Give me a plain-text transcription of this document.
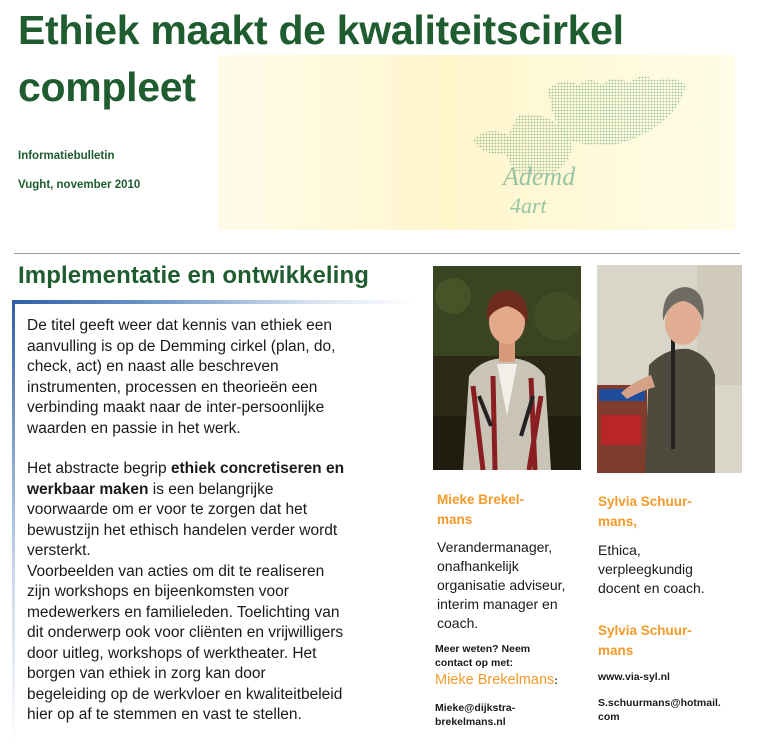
Ethiek maakt de kwaliteitscirkel
compleet
Ademd
4art
Informatiebulletin
Vught, november 2010
Implementatie en ontwikkeling

De titel geeft weer dat kennis van ethiek een aanvulling is op de Demming cirkel (plan, do, check, act) en naast alle beschreven instrumenten, processen en theorieën een verbinding maakt naar de inter-persoonlijke waarden en passie in het werk.

Het abstracte begrip ethiek concretiseren en werkbaar maken is een belangrijke voorwaarde om er voor te zorgen dat het bewustzijn het ethisch handelen verder wordt versterkt.

Voorbeelden van acties om dit te realiseren zijn workshops en bijeenkomsten voor medewerkers en familieleden. Toelichting van dit onderwerp ook voor cliënten en vrijwilligers door uitleg, workshops of werktheater. Het borgen van ethiek in zorg kan door begeleiding op de werkvloer en kwaliteitbeleid hier op af te stemmen en vast te stellen.

Mieke Brekel-
mans
Verandermanager, onafhankelijk organisatie adviseur, interim manager en coach.
Meer weten? Neem contact op met:
Mieke Brekelmans:
Mieke@dijkstra-
brekelmans.nl
Sylvia Schuur-
mans,
Ethica, verpleegkundig docent en coach.
Sylvia Schuur-
mans
www.via-syl.nl
S.schuurmans@hotmail.
com
